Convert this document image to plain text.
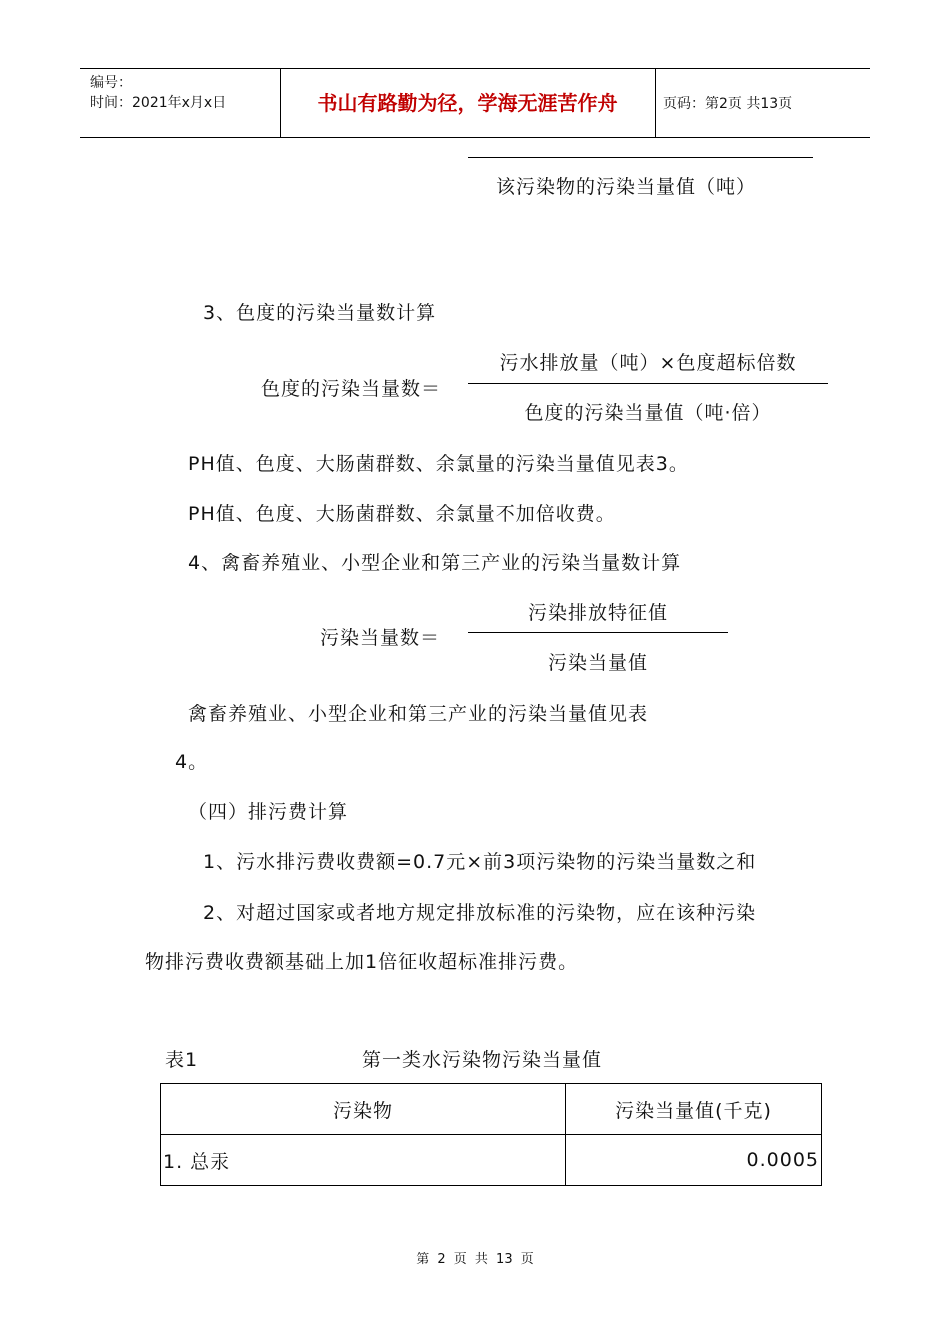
编号：
时间：2021年x月x日	书山有路勤为径，学海无涯苦作舟	页码：第2页 共13页
该污染物的污染当量值（吨）
3、色度的污染当量数计算
污水排放量（吨）×色度超标倍数
色度的污染当量数＝
色度的污染当量值（吨·倍）
PH值、色度、大肠菌群数、余氯量的污染当量值见表3。
PH值、色度、大肠菌群数、余氯量不加倍收费。
4、禽畜养殖业、小型企业和第三产业的污染当量数计算
污染排放特征值
污染当量数＝
污染当量值
禽畜养殖业、小型企业和第三产业的污染当量值见表
4。
（四）排污费计算
1、污水排污费收费额=0.7元×前3项污染物的污染当量数之和
2、对超过国家或者地方规定排放标准的污染物，应在该种污染
物排污费收费额基础上加1倍征收超标准排污费。
表1	第一类水污染物污染当量值
污染物	污染当量值(千克)
1. 总汞	0.0005
第 2 页 共 13 页
